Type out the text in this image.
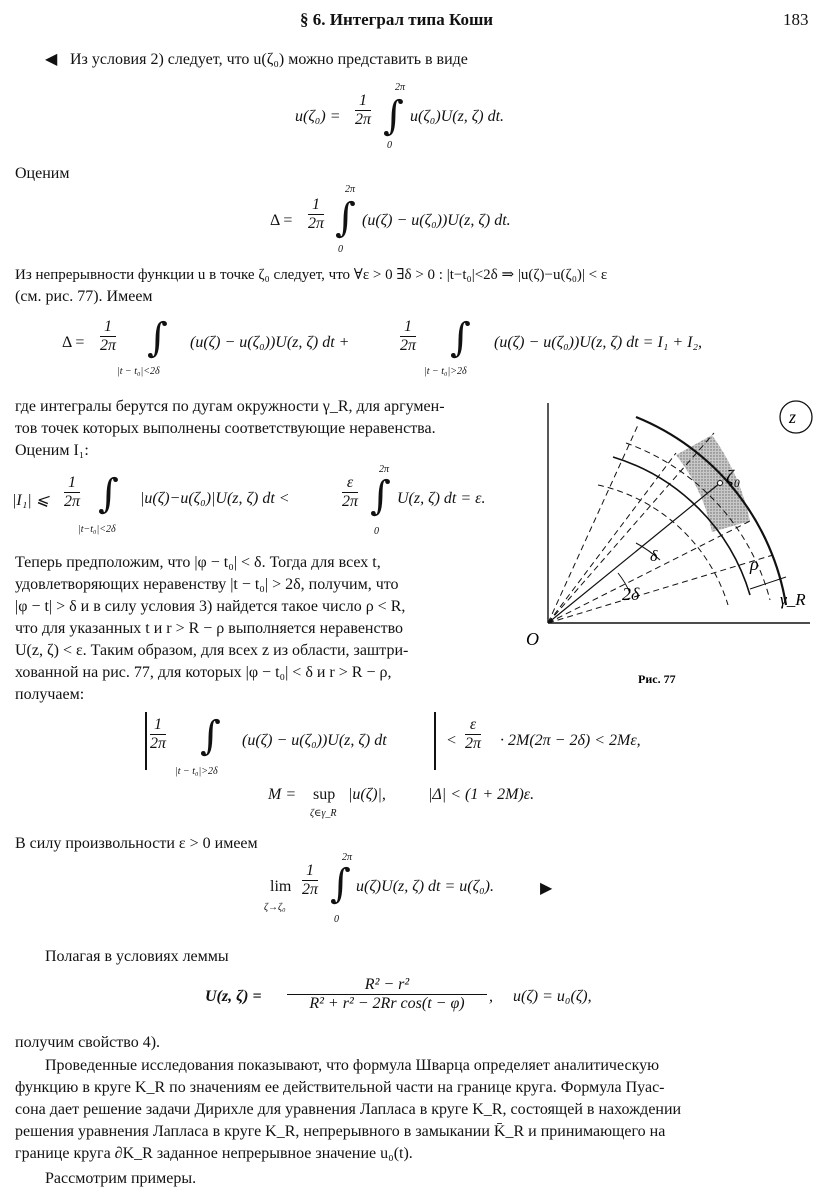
§ 6. Интеграл типа Коши	183
◀ Из условия 2) следует, что u(ζ₀) можно представить в виде
$u(\zeta_0) = \frac{1}{2\pi}$
2π
∫
0
u(ζ₀)U(z, ζ) dt.
Оценим
$\Delta = \frac{1}{2\pi}$
2π
∫
0
(u(ζ) − u(ζ₀))U(z, ζ) dt.
Из непрерывности функции u в точке ζ₀ следует, что ∀ε > 0 ∃δ > 0 : |t−t₀|<2δ ⇒ |u(ζ)−u(ζ₀)| < ε
(см. рис. 77). Имеем
$\Delta = \frac{1}{2\pi}$ ∫
|t − t₀|<2δ
(u(ζ) − u(ζ₀))U(z, ζ) dt +	$\frac{1}{2\pi}$ ∫
|t − t₀|>2δ
(u(ζ) − u(ζ₀))U(z, ζ) dt = I₁ + I₂,
где интегралы берутся по дугам окружности γ_R, для аргумен-
тов точек которых выполнены соответствующие неравенства.
Оценим I₁:
|I₁| ⩽ $\frac{1}{2\pi}$ ∫
|t−t₀|<2δ
|u(ζ)−u(ζ₀)|U(z, ζ) dt <	$\frac{\varepsilon}{2\pi}$
2π
∫
0
U(z, ζ) dt = ε.
Теперь предположим, что |φ − t₀| < δ. Тогда для всех t,
удовлетворяющих неравенству |t − t₀| > 2δ, получим, что
|φ − t| > δ и в силу условия 3) найдется такое число ρ < R,
что для указанных t и r > R − ρ выполняется неравенство
U(z, ζ) < ε. Таким образом, для всех z из области, заштри-
хованной на рис. 77, для которых |φ − t₀| < δ и r > R − ρ,
получаем:
z
ζ₀
δ
2δ
ρ
γ_R
O
Рис. 77
$\frac{1}{2\pi}$ ∫
|t − t₀|>2δ
(u(ζ) − u(ζ₀))U(z, ζ) dt	< $\frac{\varepsilon}{2\pi} \cdot 2M(2\pi - 2\delta) < 2M\varepsilon$,
M = sup
ζ∈γ_R
|u(ζ)|,	|Δ| < (1 + 2M)ε.
В силу произвольности ε > 0 имеем
lim
ζ→ζ₀
$\frac{1}{2\pi}$
2π
∫
0
u(ζ)U(z, ζ) dt = u(ζ₀).	▶
Полагая в условиях леммы
U(z, $\zeta) = \frac{\text{R² − r²}}{\text{R² + r² − 2Rr cos(t − φ)}}$ , u(ζ) = u₀(ζ),
получим свойство 4).
Проведенные исследования показывают, что формула Шварца определяет аналитическую
функцию в круге K_R по значениям ее действительной части на границе круга. Формула Пуас-
сона дает решение задачи Дирихле для уравнения Лапласа в круге K_R, состоящей в нахождении
решения уравнения Лапласа в круге K_R, непрерывного в замыкании K̄_R и принимающего на
границе круга ∂K_R заданное непрерывное значение u₀(t).
Рассмотрим примеры.
